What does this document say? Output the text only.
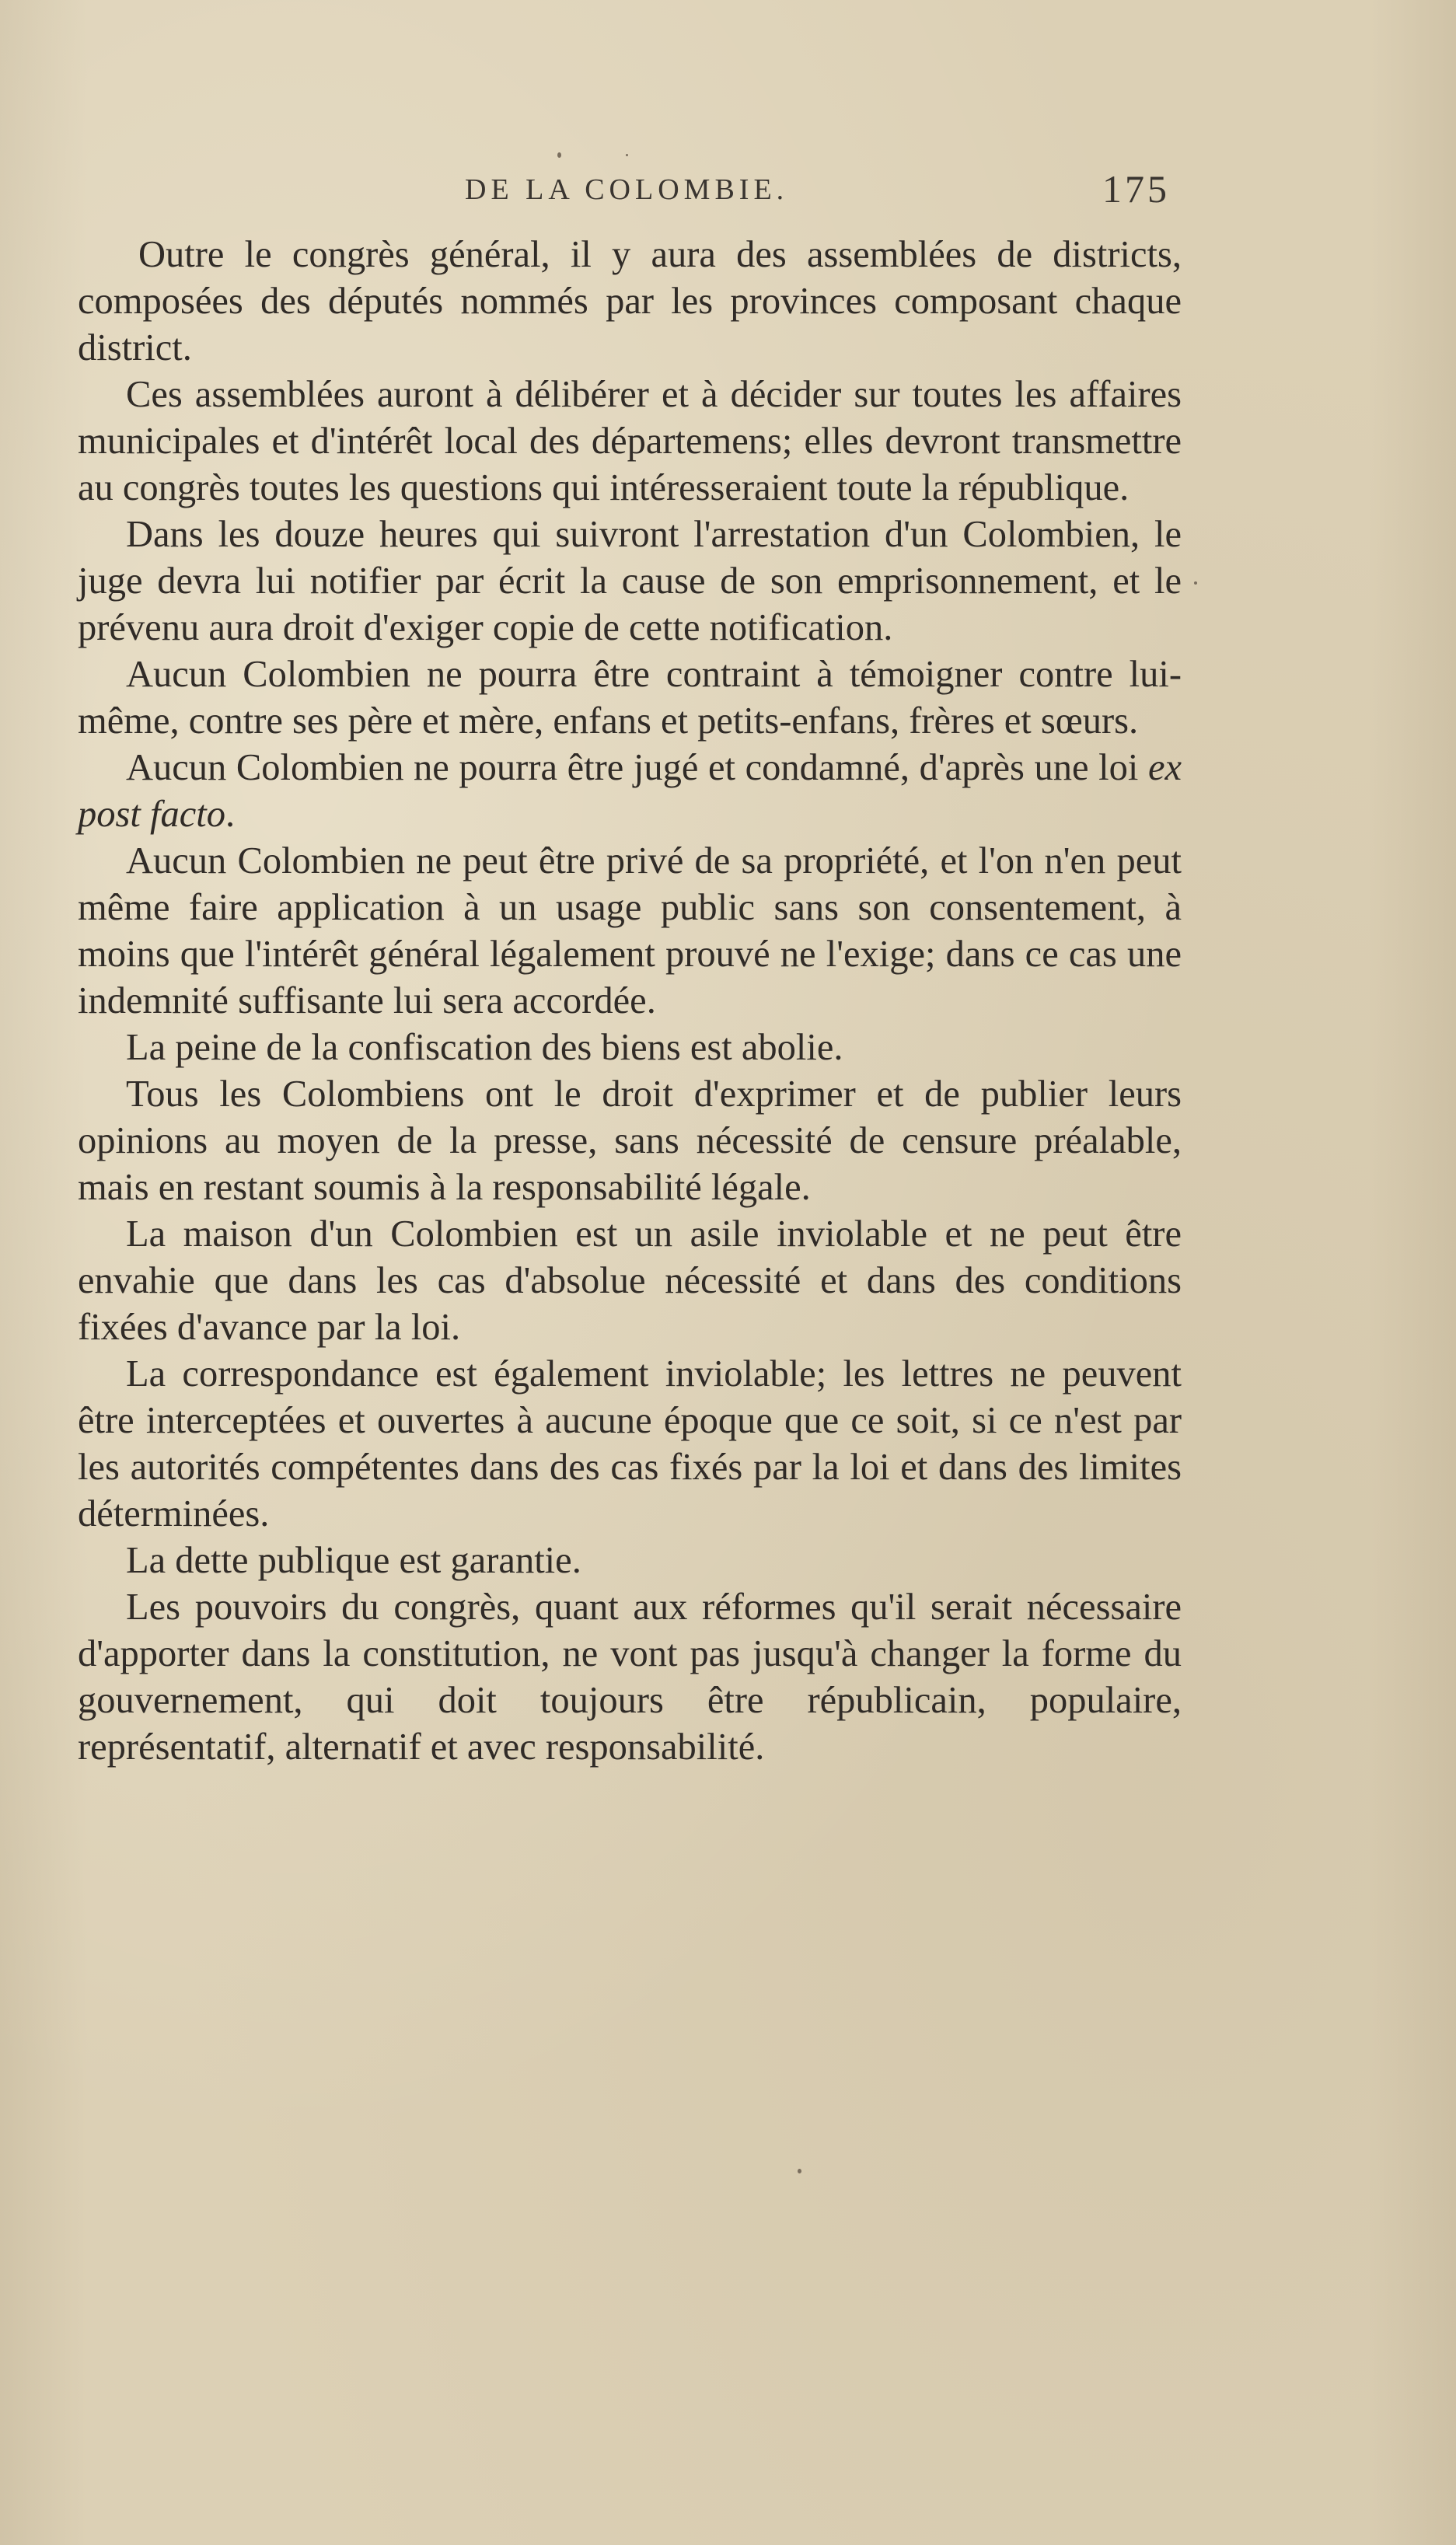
DE LA COLOMBIE.	175

Outre le congrès général, il y aura des assemblées de districts, composées des députés nommés par les provinces composant chaque district.

Ces assemblées auront à délibérer et à décider sur toutes les affaires municipales et d'intérêt local des départemens; elles devront transmettre au congrès toutes les questions qui intéresseraient toute la république.

Dans les douze heures qui suivront l'arrestation d'un Colombien, le juge devra lui notifier par écrit la cause de son emprisonnement, et le prévenu aura droit d'exiger copie de cette notification.

Aucun Colombien ne pourra être contraint à témoigner contre lui-même, contre ses père et mère, enfans et petits-enfans, frères et sœurs.

Aucun Colombien ne pourra être jugé et condamné, d'après une loi ex post facto.

Aucun Colombien ne peut être privé de sa propriété, et l'on n'en peut même faire application à un usage public sans son consentement, à moins que l'intérêt général légalement prouvé ne l'exige; dans ce cas une indemnité suffisante lui sera accordée.

La peine de la confiscation des biens est abolie.

Tous les Colombiens ont le droit d'exprimer et de publier leurs opinions au moyen de la presse, sans nécessité de censure préalable, mais en restant soumis à la responsabilité légale.

La maison d'un Colombien est un asile inviolable et ne peut être envahie que dans les cas d'absolue nécessité et dans des conditions fixées d'avance par la loi.

La correspondance est également inviolable; les lettres ne peuvent être interceptées et ouvertes à aucune époque que ce soit, si ce n'est par les autorités compétentes dans des cas fixés par la loi et dans des limites déterminées.

La dette publique est garantie.

Les pouvoirs du congrès, quant aux réformes qu'il serait nécessaire d'apporter dans la constitution, ne vont pas jusqu'à changer la forme du gouvernement, qui doit toujours être républicain, populaire, représentatif, alternatif et avec responsabilité.
